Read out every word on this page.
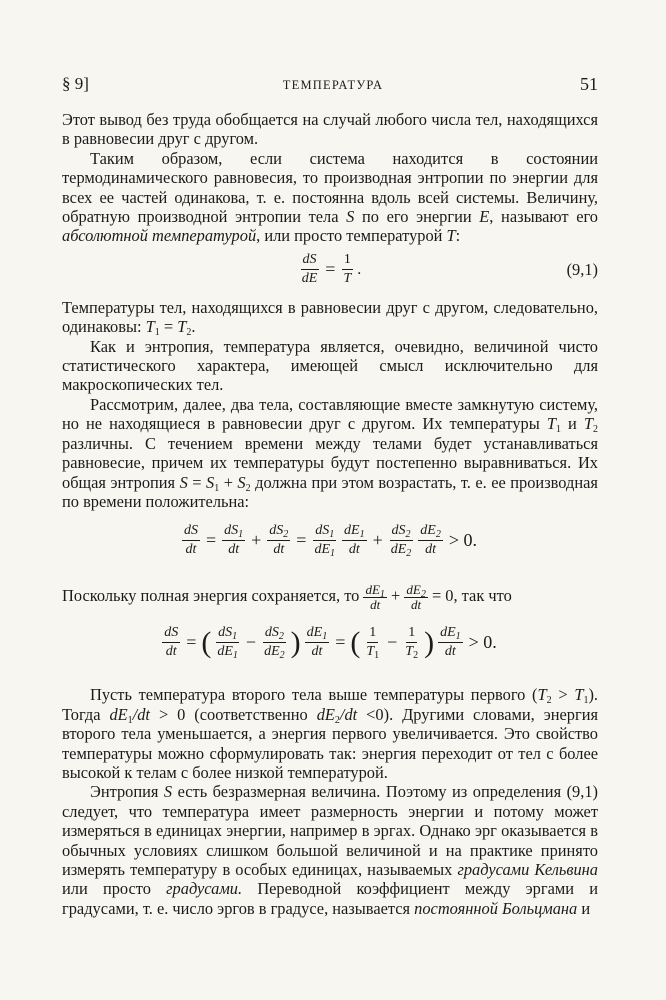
§ 9]	ТЕМПЕРАТУРА	51

Этот вывод без труда обобщается на случай любого числа тел, находящихся в равновесии друг с другом.

Таким образом, если система находится в состоянии термодинамического равновесия, то производная энтропии по энергии для всех ее частей одинакова, т. е. постоянна вдоль всей системы. Величину, обратную производной энтропии тела S по его энергии E, называют его абсолютной температурой, или просто температурой T:

$\frac{dS}{dE} = \frac{1}{T}$ .	(9,1)

Температуры тел, находящихся в равновесии друг с другом, следовательно, одинаковы: $T_1 = T_2$.

Как и энтропия, температура является, очевидно, величиной чисто статистического характера, имеющей смысл исключительно для макроскопических тел.

Рассмотрим, далее, два тела, составляющие вместе замкнутую систему, но не находящиеся в равновесии друг с другом. Их температуры $T_1$ и $T_2$ различны. С течением времени между телами будет устанавливаться равновесие, причем их температуры будут постепенно выравниваться. Их общая энтропия $S = S_1 + S_2$ должна при этом возрастать, т. е. ее производная по времени положительна:

$\frac{dS}{dt} = \frac{dS_1}{dt} + \frac{dS_2}{dt} = \frac{dS_1}{dE_1} \frac{dE_1}{dt} + \frac{dS_2}{dE_2} \frac{dE_2}{dt} > 0$.

Поскольку полная энергия сохраняется, то $\frac{dE_1}{dt} + \frac{dE_2}{dt} = 0$, так что

$\frac{dS}{dt}$ = ( $\frac{dS_1}{dE_1} - \frac{dS_2}{dE_2}$ ) $\frac{dE_1}{dt}$ = ( $\frac{1}{T_1} - \frac{1}{T_2}$ ) $\frac{dE_1}{dt} > 0$.

Пусть температура второго тела выше температуры первого $(T_2 > T_1)$. Тогда $dE_1/dt > 0$ (соответственно $dE_2/dt <0$). Другими словами, энергия второго тела уменьшается, а энергия первого увеличивается. Это свойство температуры можно сформулировать так: энергия переходит от тел с более высокой к телам с более низкой температурой.

Энтропия S есть безразмерная величина. Поэтому из определения (9,1) следует, что температура имеет размерность энергии и потому может измеряться в единицах энергии, например в эргах. Однако эрг оказывается в обычных условиях слишком большой величиной и на практике принято измерять температуру в особых единицах, называемых градусами Кельвина или просто градусами. Переводной коэффициент между эргами и градусами, т. е. число эргов в градусе, называется постоянной Больцмана и
